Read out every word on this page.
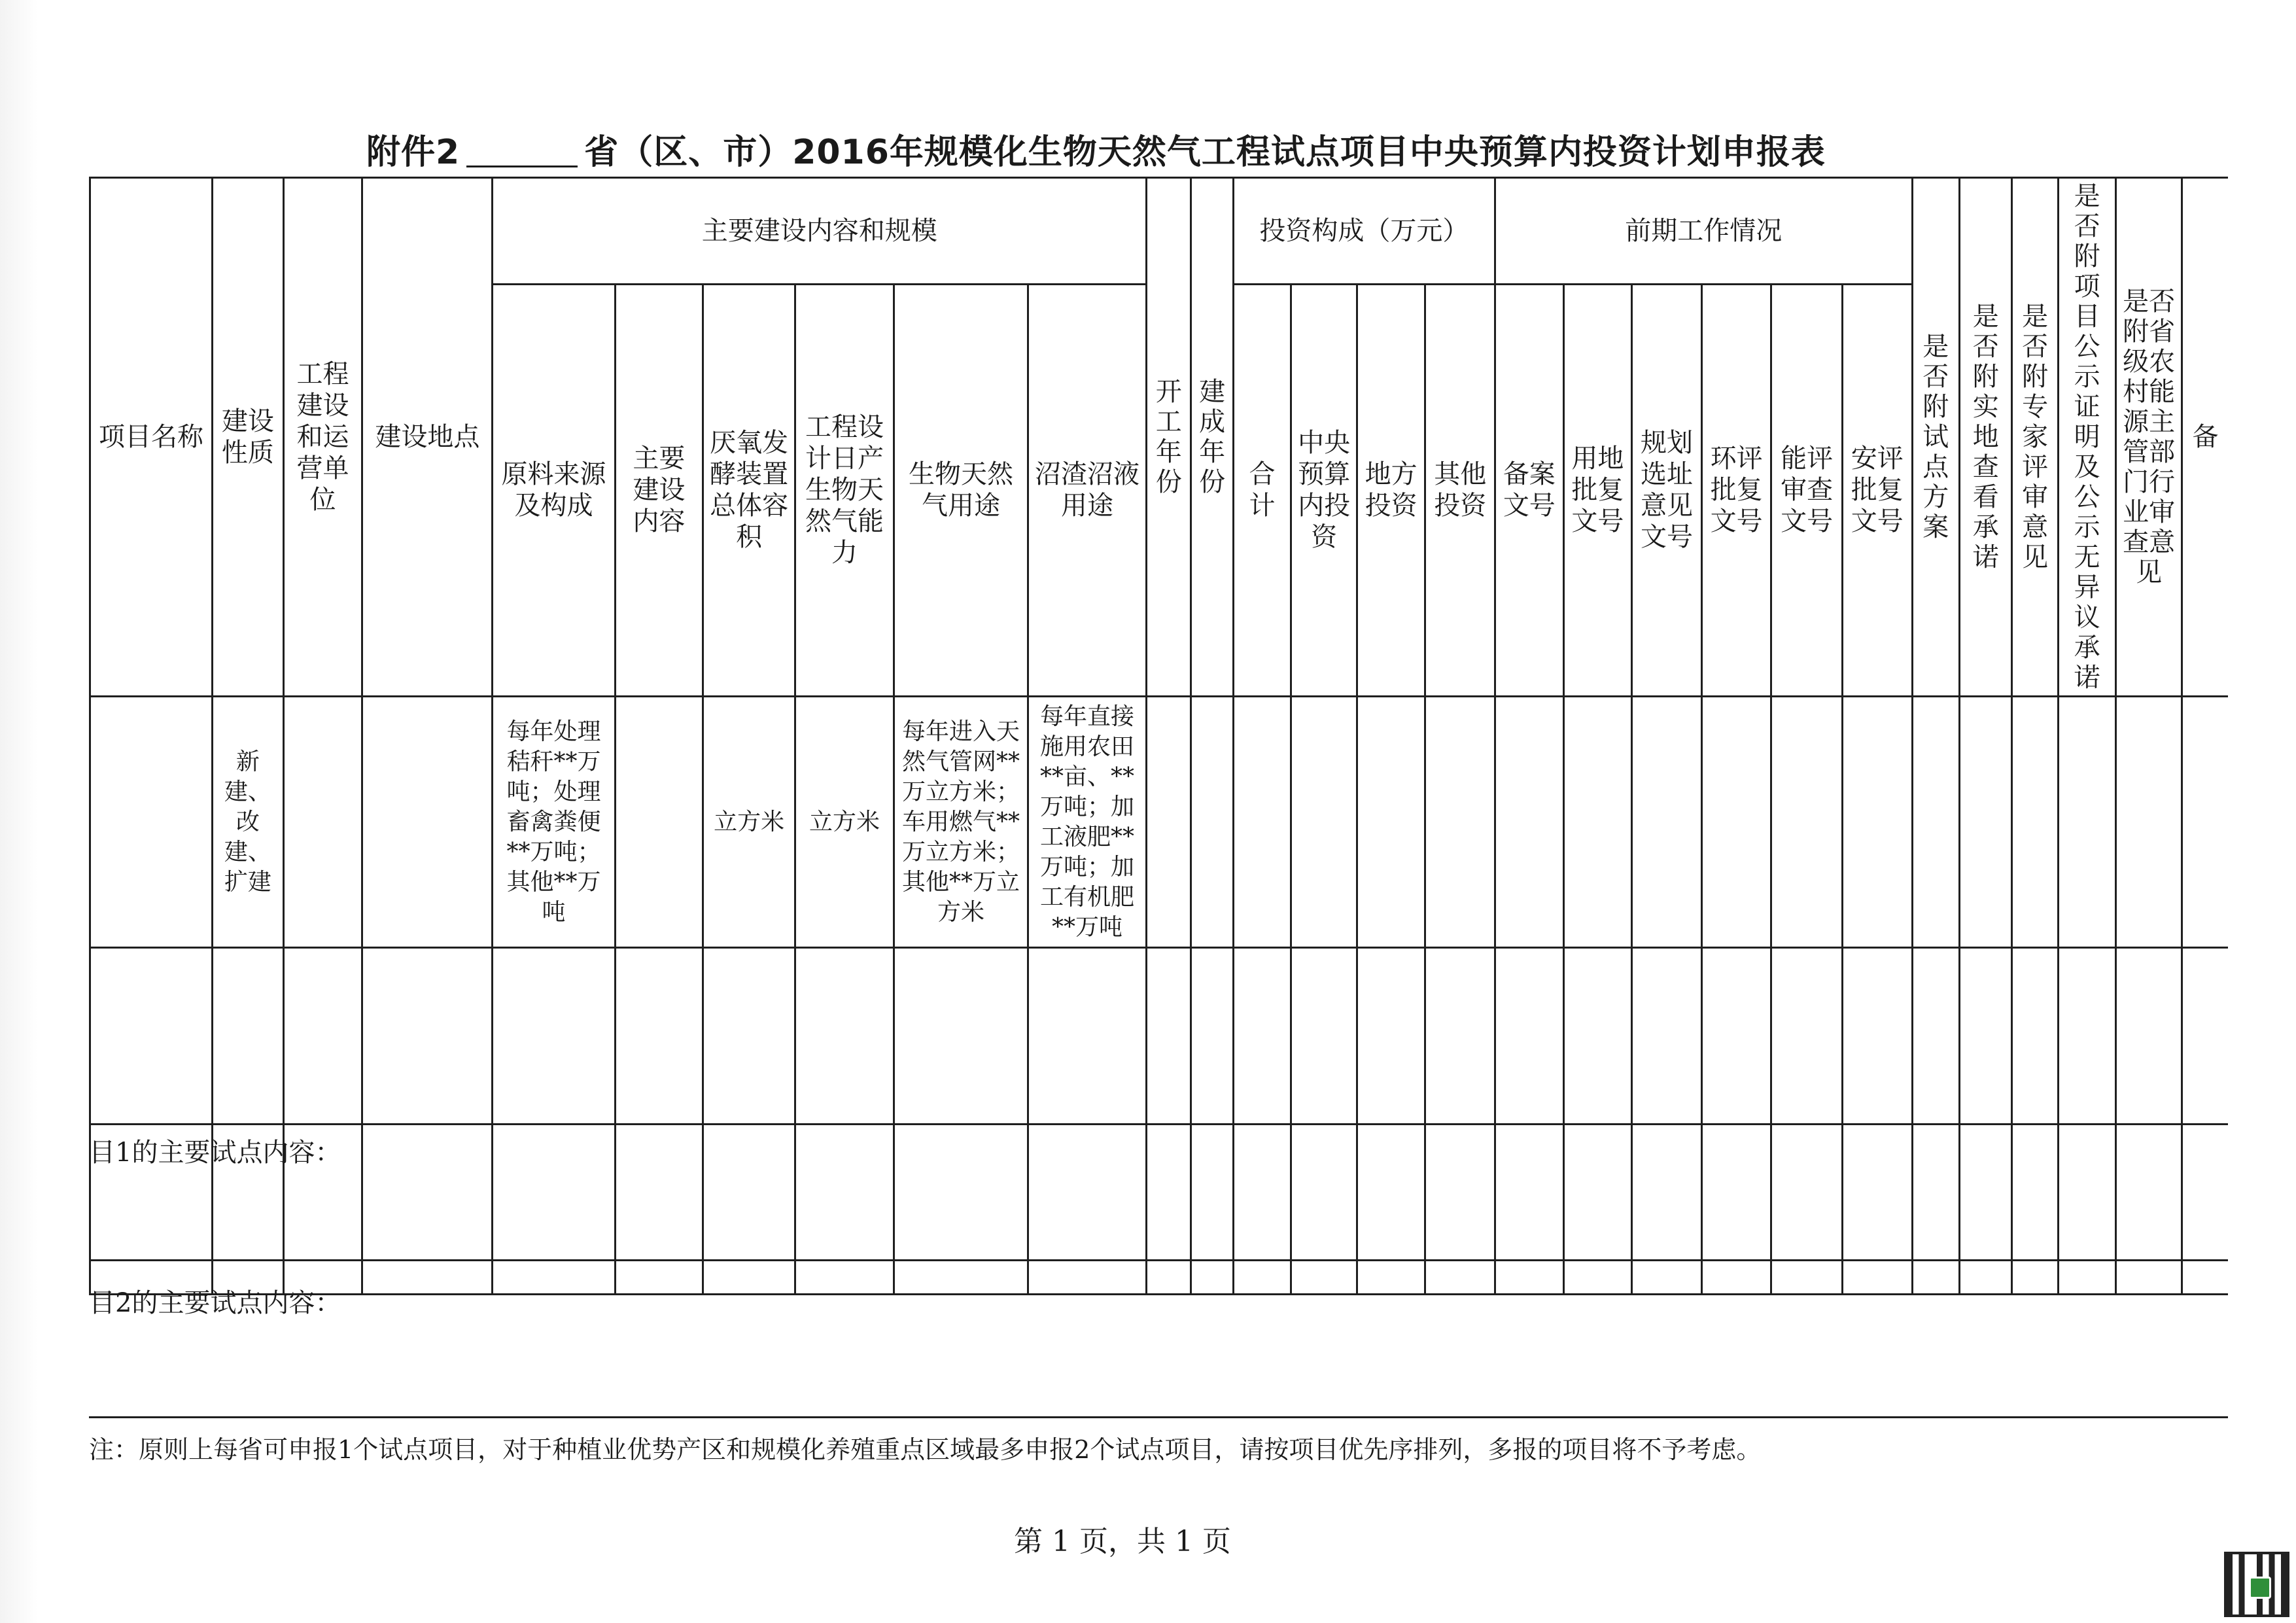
附件2	省（区、市）2016年规模化生物天然气工程试点项目中央预算内投资计划申报表
项目名称	建设性质	工程建设和运营单位	建设地点	主要建设内容和规模						开工年份	建成年份	投资构成（万元）				前期工作情况						是否附试点方案	是否附实地查看承诺	是否附专家评审意见	是否附项目公示证明及公示无异议承诺	是否附省级农村能源主管部门行业审查意见	备
				原料来源及构成	主要建设内容	厌氧发酵装置总体容积	工程设计日产生物天然气能力	生物天然气用途	沼渣沼液用途			合计	中央预算内投资	地方投资	其他投资	备案文号	用地批复文号	规划选址意见文号	环评批复文号	能评审查文号	安评批复文号						
	新建、改建、扩建			每年处理秸秆**万吨；处理畜禽粪便**万吨；其他**万吨		立方米	立方米	每年进入天然气管网**万立方米；车用燃气**万立方米；其他**万立方米	每年直接施用农田**亩、**万吨；加工液肥**万吨；加工有机肥**万吨																		

目1的主要试点内容：
目2的主要试点内容：
注：原则上每省可申报1个试点项目，对于种植业优势产区和规模化养殖重点区域最多申报2个试点项目，请按项目优先序排列，多报的项目将不予考虑。
第 1 页，共 1 页
